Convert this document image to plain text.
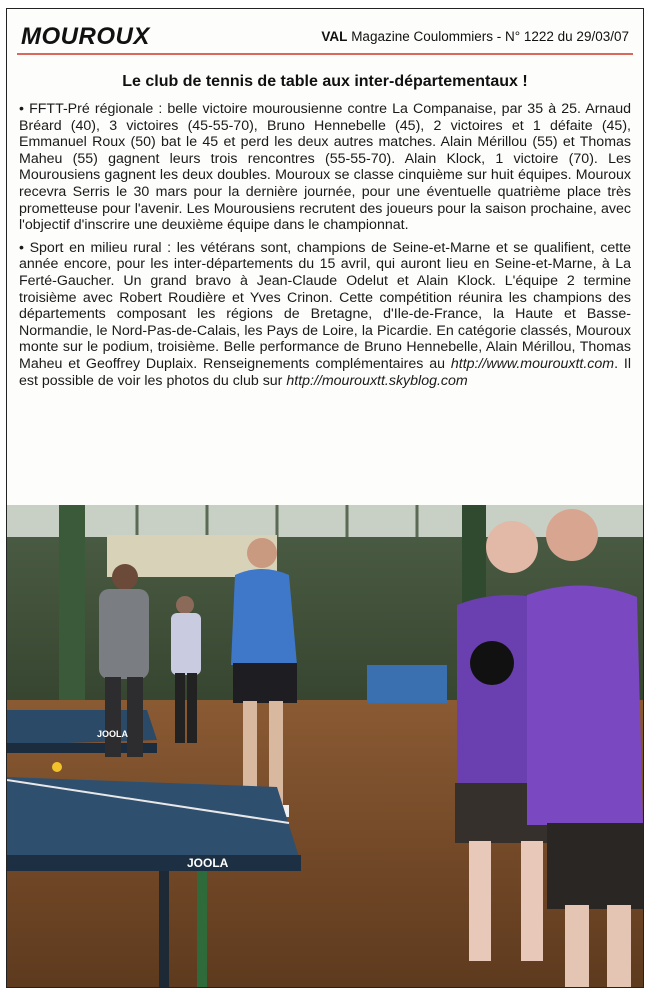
MOUROUX	VAL Magazine Coulommiers - N° 1222 du 29/03/07
Le club de tennis de table aux inter-départementaux !

• FFTT-Pré régionale : belle victoire mourousienne contre La Companaise, par 35 à 25. Arnaud Bréard (40), 3 victoires (45-55-70), Bruno Hennebelle (45), 2 victoires et 1 défaite (45), Emmanuel Roux (50) bat le 45 et perd les deux autres matches. Alain Mérillou (55) et Thomas Maheu (55) gagnent leurs trois rencontres (55-55-70). Alain Klock, 1 victoire (70). Les Mourousiens gagnent les deux doubles. Mouroux se classe cinquième sur huit équipes. Mouroux recevra Serris le 30 mars pour la dernière journée, pour une éventuelle quatrième place très prometteuse pour l'avenir. Les Mourousiens recrutent des joueurs pour la saison prochaine, avec l'objectif d'inscrire une deuxième équipe dans le championnat.

• Sport en milieu rural : les vétérans sont, champions de Seine-et-Marne et se qualifient, cette année encore, pour les inter-départements du 15 avril, qui auront lieu en Seine-et-Marne, à La Ferté-Gaucher. Un grand bravo à Jean-Claude Odelut et Alain Klock. L'équipe 2 termine troisième avec Robert Roudière et Yves Crinon. Cette compétition réunira les champions des départements composant les régions de Bretagne, d'Ile-de-France, la Haute et Basse-Normandie, le Nord-Pas-de-Calais, les Pays de Loire, la Picardie. En catégorie classés, Mouroux monte sur le podium, troisième. Belle performance de Bruno Hennebelle, Alain Mérillou, Thomas Maheu et Geoffrey Duplaix. Renseignements complémentaires au http://www.mourouxtt.com. Il est possible de voir les photos du club sur http://mourouxtt.skyblog.com

JOOLA
JOOLA
